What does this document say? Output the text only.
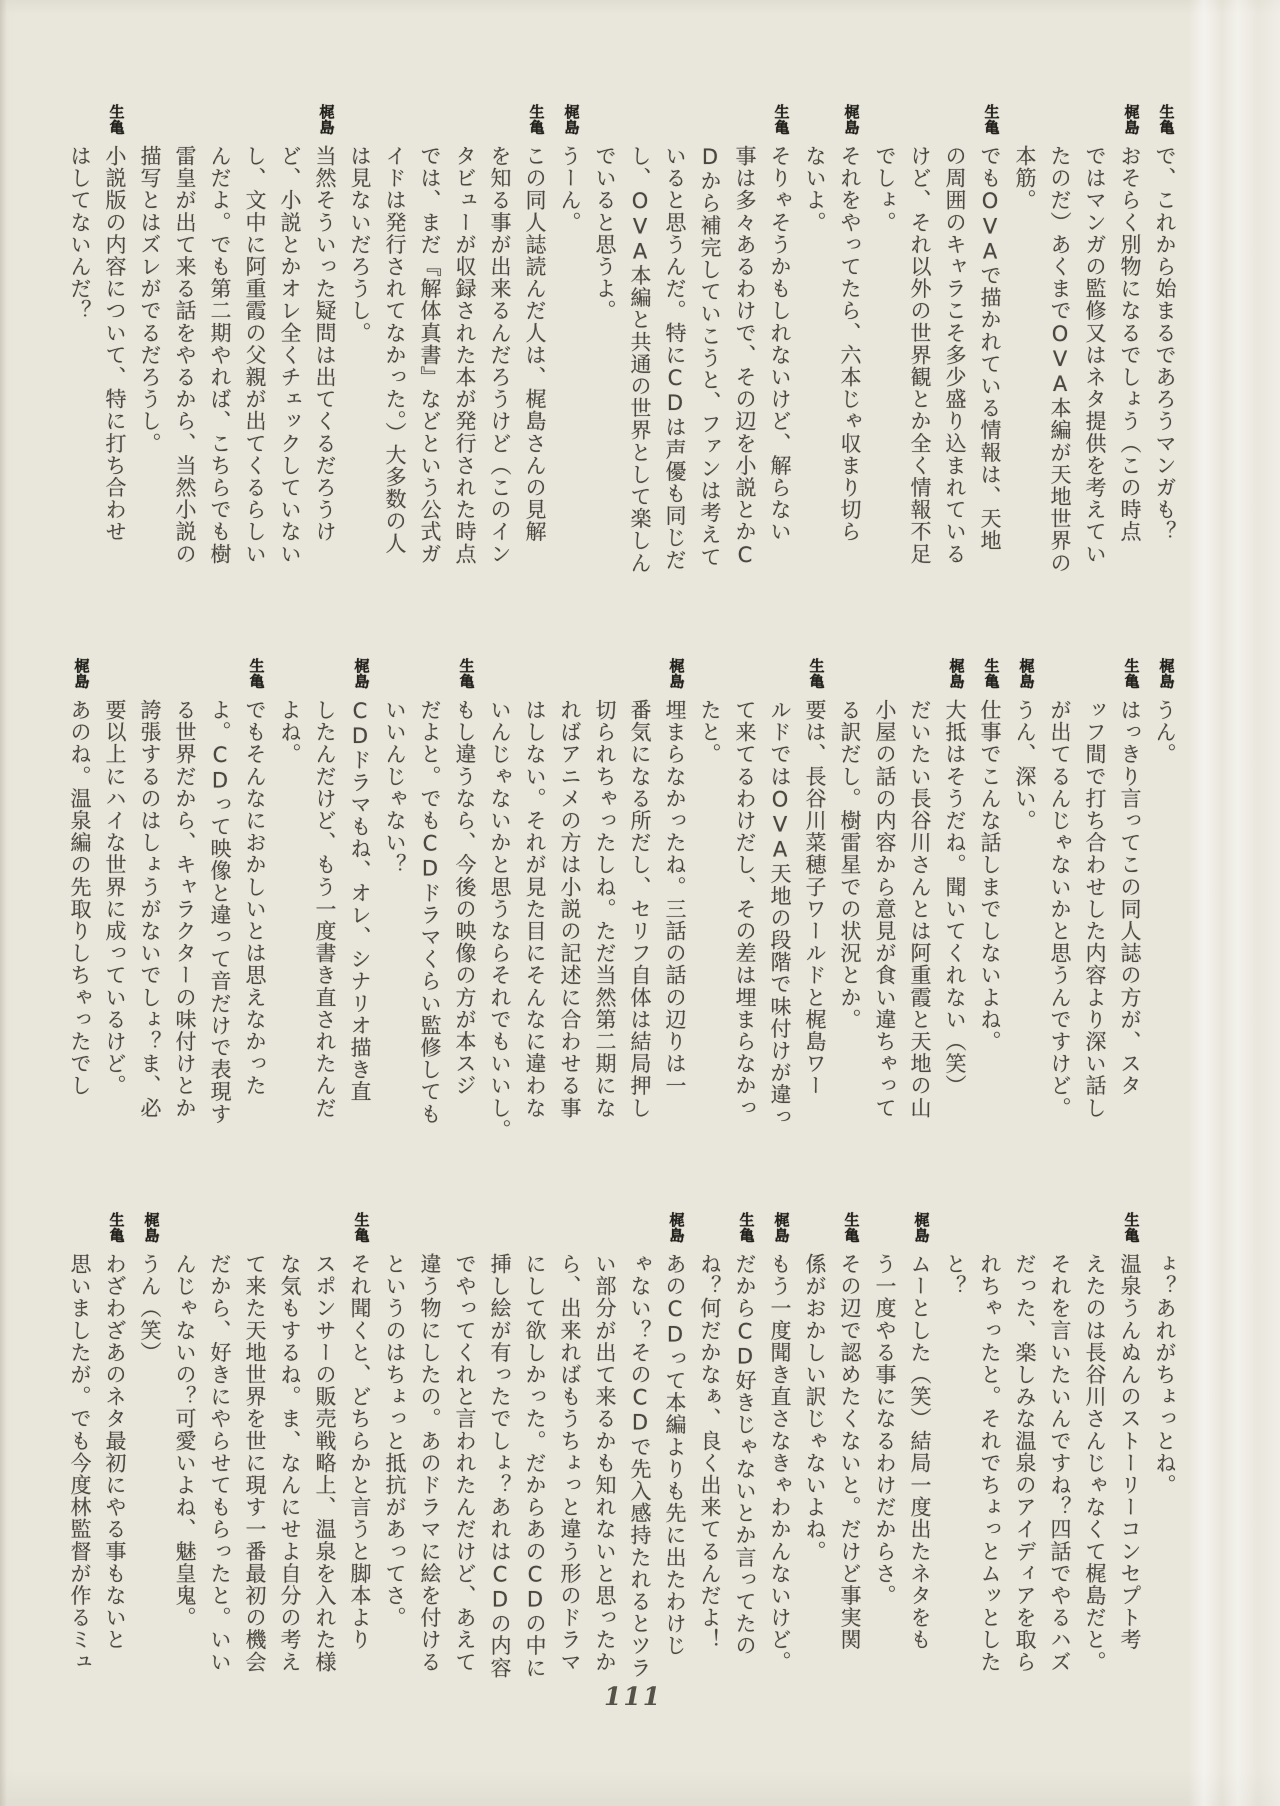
生亀
で、これから始まるであろうマンガも？
梶島
おそらく別物になるでしょう（この時点
ではマンガの監修又はネタ提供を考えてい
たのだ）あくまでOVA本編が天地世界の
本筋。
生亀
でもOVAで描かれている情報は、天地
の周囲のキャラこそ多少盛り込まれている
けど、それ以外の世界観とか全く情報不足
でしょ。
梶島
それをやってたら、六本じゃ収まり切ら
ないよ。
生亀
そりゃそうかもしれないけど、解らない
事は多々あるわけで、その辺を小説とかC
Dから補完していこうと、ファンは考えて
いると思うんだ。特にCDは声優も同じだ
し、OVA本編と共通の世界として楽しん
でいると思うよ。
梶島
うーん。
生亀
この同人誌読んだ人は、梶島さんの見解
を知る事が出来るんだろうけど（このイン
タビューが収録された本が発行された時点
では、まだ『解体真書』などという公式ガ
イドは発行されてなかった。）大多数の人
は見ないだろうし。
梶島
当然そういった疑問は出てくるだろうけ
ど、小説とかオレ全くチェックしていない
し、文中に阿重霞の父親が出てくるらしい
んだよ。でも第二期やれば、こちらでも樹
雷皇が出て来る話をやるから、当然小説の
描写とはズレがでるだろうし。
生亀
小説版の内容について、特に打ち合わせ
はしてないんだ？
梶島
うん。
生亀
はっきり言ってこの同人誌の方が、スタ
ッフ間で打ち合わせした内容より深い話し
が出てるんじゃないかと思うんですけど。
梶島
うん、深い。
生亀
仕事でこんな話しまでしないよね。
梶島
大抵はそうだね。聞いてくれない（笑）
だいたい長谷川さんとは阿重霞と天地の山
小屋の話の内容から意見が食い違ちゃって
る訳だし。樹雷星での状況とか。
生亀
要は、長谷川菜穂子ワールドと梶島ワー
ルドではOVA天地の段階で味付けが違っ
て来てるわけだし、その差は埋まらなかっ
たと。
梶島
埋まらなかったね。三話の話の辺りは一
番気になる所だし、セリフ自体は結局押し
切られちゃったしね。ただ当然第二期にな
ればアニメの方は小説の記述に合わせる事
はしない。それが見た目にそんなに違わな
いんじゃないかと思うならそれでもいいし。
生亀
もし違うなら、今後の映像の方が本スジ
だよと。でもCDドラマくらい監修しても
いいんじゃない？
梶島
CDドラマもね、オレ、シナリオ描き直
したんだけど、もう一度書き直されたんだ
よね。
生亀
でもそんなにおかしいとは思えなかった
よ。CDって映像と違って音だけで表現す
る世界だから、キャラクターの味付けとか
誇張するのはしょうがないでしょ？ま、必
要以上にハイな世界に成っているけど。
梶島
あのね。温泉編の先取りしちゃったでし
ょ？あれがちょっとね。
生亀
温泉うんぬんのストーリーコンセプト考
えたのは長谷川さんじゃなくて梶島だと。
それを言いたいんですね？四話でやるハズ
だった、楽しみな温泉のアイディアを取ら
れちゃったと。それでちょっとムッとした
と？
梶島
ムーとした（笑）結局一度出たネタをも
う一度やる事になるわけだからさ。
生亀
その辺で認めたくないと。だけど事実関
係がおかしい訳じゃないよね。
梶島
もう一度聞き直さなきゃわかんないけど。
生亀
だからCD好きじゃないとか言ってたの
ね？何だかなぁ、良く出来てるんだよ！
梶島
あのCDって本編よりも先に出たわけじ
ゃない？そのCDで先入感持たれるとツラ
い部分が出て来るかも知れないと思ったか
ら、出来ればもうちょっと違う形のドラマ
にして欲しかった。だからあのCDの中に
挿し絵が有ったでしょ？あれはCDの内容
でやってくれと言われたんだけど、あえて
違う物にしたの。あのドラマに絵を付ける
というのはちょっと抵抗があってさ。
生亀
それ聞くと、どちらかと言うと脚本より
スポンサーの販売戦略上、温泉を入れた様
な気もするね。ま、なんにせよ自分の考え
て来た天地世界を世に現す一番最初の機会
だから、好きにやらせてもらったと。いい
んじゃないの？可愛いよね、魅皇鬼。
梶島
うん（笑）
生亀
わざわざあのネタ最初にやる事もないと
思いましたが。でも今度林監督が作るミュ
111
